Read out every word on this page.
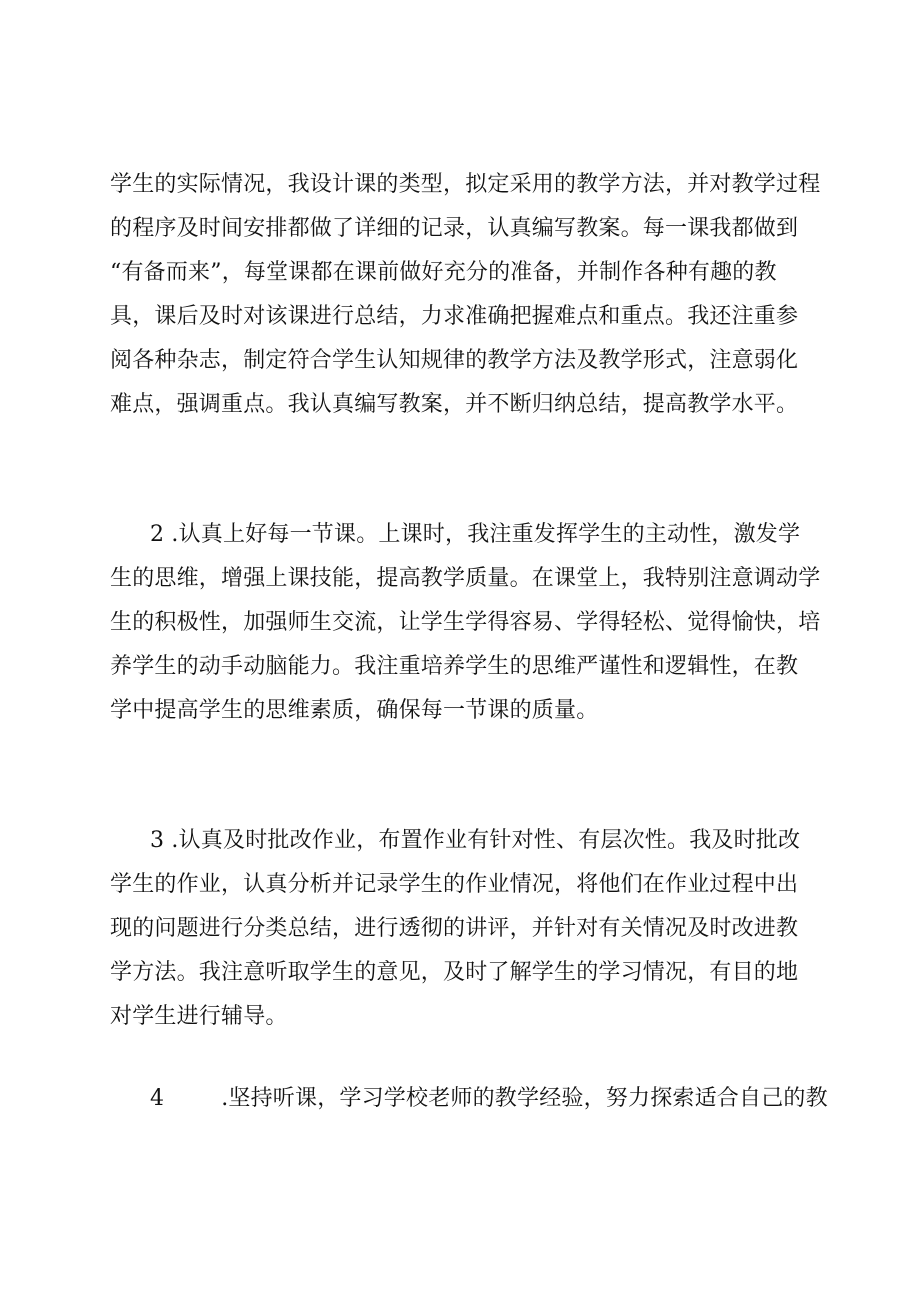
学生的实际情况，我设计课的类型，拟定采用的教学方法，并对教学过程
的程序及时间安排都做了详细的记录，认真编写教案。每一课我都做到
“有备而来”，每堂课都在课前做好充分的准备，并制作各种有趣的教
具，课后及时对该课进行总结，力求准确把握难点和重点。我还注重参
阅各种杂志，制定符合学生认知规律的教学方法及教学形式，注意弱化
难点，强调重点。我认真编写教案，并不断归纳总结，提高教学水平。
2 .认真上好每一节课。上课时，我注重发挥学生的主动性，激发学
生的思维，增强上课技能，提高教学质量。在课堂上，我特别注意调动学
生的积极性，加强师生交流，让学生学得容易、学得轻松、觉得愉快，培
养学生的动手动脑能力。我注重培养学生的思维严谨性和逻辑性，在教
学中提高学生的思维素质，确保每一节课的质量。
3 .认真及时批改作业，布置作业有针对性、有层次性。我及时批改
学生的作业，认真分析并记录学生的作业情况，将他们在作业过程中出
现的问题进行分类总结，进行透彻的讲评，并针对有关情况及时改进教
学方法。我注意听取学生的意见，及时了解学生的学习情况，有目的地
对学生进行辅导。
4	.坚持听课，学习学校老师的教学经验，努力探索适合自己的教
